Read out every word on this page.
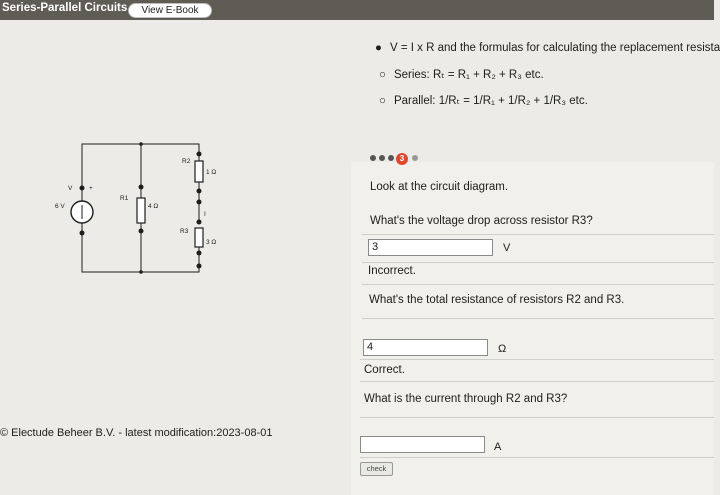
Series-Parallel Circuits	View E-Book
● V = I x R and the formulas for calculating the replacement resista
○ Series: Rₜ = R₁ + R₂ + R₃ etc.
○ Parallel: 1/Rₜ = 1/R₁ + 1/R₂ + 1/R₃ etc.
V	+
6 V
R1
4 Ω
R2
1 Ω
I
R3
3 Ω
3
Look at the circuit diagram.
What's the voltage drop across resistor R3?
3	V
Incorrect.
What's the total resistance of resistors R2 and R3.
4	Ω
Correct.
What is the current through R2 and R3?
A
check
© Electude Beheer B.V. - latest modification:2023-08-01
